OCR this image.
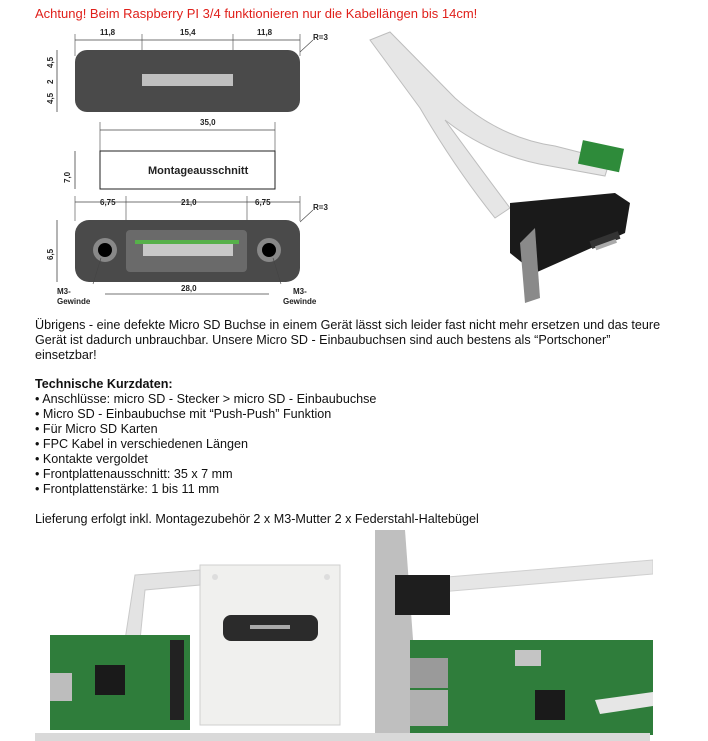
Achtung! Beim Raspberry PI 3/4 funktionieren nur die Kabellängen bis 14cm!
11,8	15,4	11,8
R=3
4,5
2
4,5
35,0
Montageausschnitt
7,0
6,75	21,0	6,75
R=3
6,5
28,0
M3-Gewinde
M3-Gewinde
Übrigens - eine defekte Micro SD Buchse in einem Gerät lässt sich leider fast nicht mehr ersetzen und das teure Gerät ist dadurch unbrauchbar. Unsere Micro SD - Einbaubuchsen sind auch bestens als “Portschoner” einsetzbar!
Technische Kurzdaten:
• Anschlüsse: micro SD - Stecker > micro SD - Einbaubuchse
• Micro SD - Einbaubuchse mit “Push-Push” Funktion
• Für Micro SD Karten
• FPC Kabel in verschiedenen Längen
• Kontakte vergoldet
• Frontplattenausschnitt: 35 x 7 mm
• Frontplattenstärke: 1 bis 11 mm
Lieferung erfolgt inkl. Montagezubehör 2 x M3-Mutter 2 x Federstahl-Haltebügel
